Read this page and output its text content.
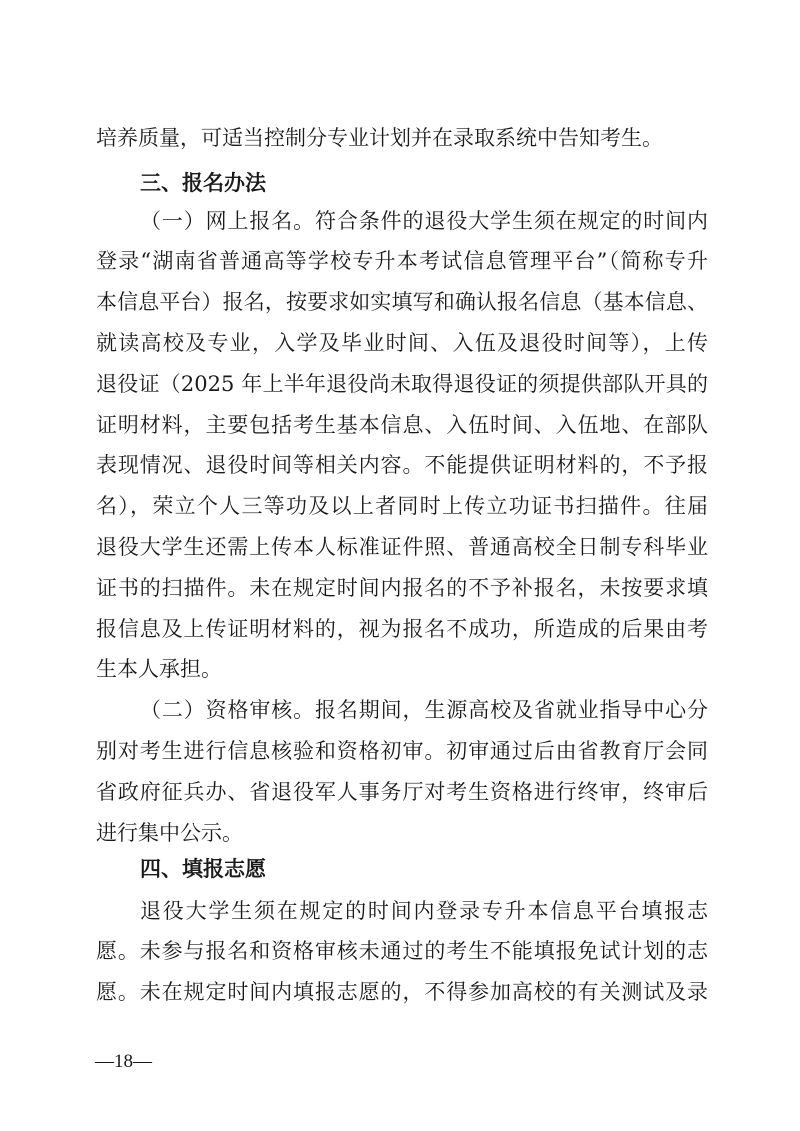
培养质量，可适当控制分专业计划并在录取系统中告知考生。
三、报名办法
（一）网上报名。符合条件的退役大学生须在规定的时间内
登录“湖南省普通高等学校专升本考试信息管理平台”（简称专升
本信息平台）报名，按要求如实填写和确认报名信息（基本信息、
就读高校及专业，入学及毕业时间、入伍及退役时间等），上传
退役证（2025 年上半年退役尚未取得退役证的须提供部队开具的
证明材料，主要包括考生基本信息、入伍时间、入伍地、在部队
表现情况、退役时间等相关内容。不能提供证明材料的，不予报
名），荣立个人三等功及以上者同时上传立功证书扫描件。往届
退役大学生还需上传本人标准证件照、普通高校全日制专科毕业
证书的扫描件。未在规定时间内报名的不予补报名，未按要求填
报信息及上传证明材料的，视为报名不成功，所造成的后果由考
生本人承担。
（二）资格审核。报名期间，生源高校及省就业指导中心分
别对考生进行信息核验和资格初审。初审通过后由省教育厅会同
省政府征兵办、省退役军人事务厅对考生资格进行终审，终审后
进行集中公示。
四、填报志愿
退役大学生须在规定的时间内登录专升本信息平台填报志
愿。未参与报名和资格审核未通过的考生不能填报免试计划的志
愿。未在规定时间内填报志愿的，不得参加高校的有关测试及录
—18—
